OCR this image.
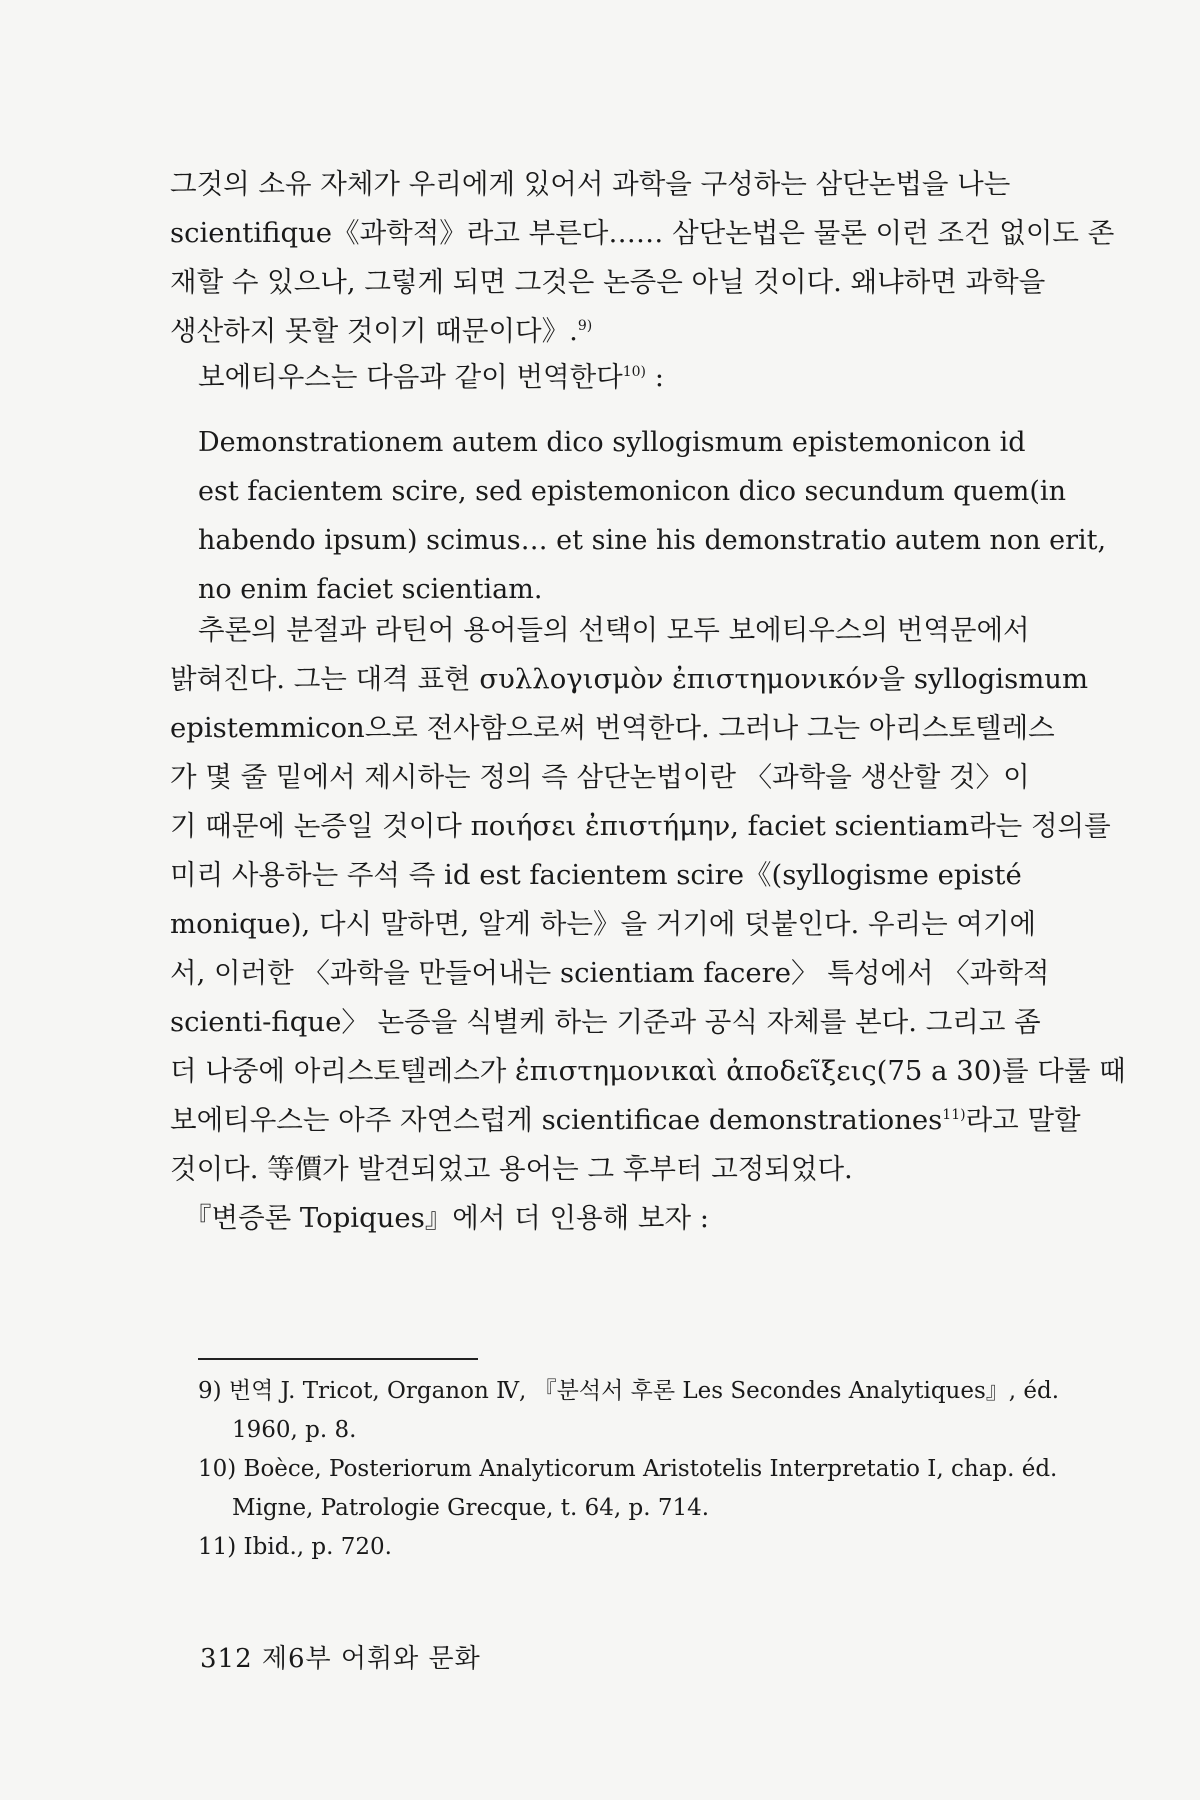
그것의 소유 자체가 우리에게 있어서 과학을 구성하는 삼단논법을 나는
scientifique《과학적》라고 부른다…… 삼단논법은 물론 이런 조건 없이도 존
재할 수 있으나, 그렇게 되면 그것은 논증은 아닐 것이다. 왜냐하면 과학을
생산하지 못할 것이기 때문이다》.$^{9)}$

보에티우스는 다음과 같이 번역한다$^{10)}$ :

Demonstrationem autem dico syllogismum epistemonicon id
est facientem scire, sed epistemonicon dico secundum quem(in
habendo ipsum) scimus… et sine his demonstratio autem non erit,
no enim faciet scientiam.

추론의 분절과 라틴어 용어들의 선택이 모두 보에티우스의 번역문에서
밝혀진다. 그는 대격 표현 συλλογισμὸν ἐπιστημονικόν을 syllogismum
epistemmicon으로 전사함으로써 번역한다. 그러나 그는 아리스토텔레스
가 몇 줄 밑에서 제시하는 정의 즉 삼단논법이란 〈과학을 생산할 것〉이
기 때문에 논증일 것이다 ποιήσει ἐπιστήμην, faciet scientiam라는 정의를
미리 사용하는 주석 즉 id est facientem scire《(syllogisme episté
monique), 다시 말하면, 알게 하는》을 거기에 덧붙인다. 우리는 여기에
서, 이러한 〈과학을 만들어내는 scientiam facere〉 특성에서 〈과학적
scienti-fique〉 논증을 식별케 하는 기준과 공식 자체를 본다. 그리고 좀
더 나중에 아리스토텔레스가 ἐπιστημονικαὶ ἀποδεῖξεις(75 a 30)를 다룰 때
보에티우스는 아주 자연스럽게 scientificae demonstrationes$^{11)}$라고 말할
것이다. 等價가 발견되었고 용어는 그 후부터 고정되었다.
『변증론 Topiques』에서 더 인용해 보자 :

9) 번역 J. Tricot, Organon Ⅳ, 『분석서 후론 Les Secondes Analytiques』, éd.
1960, p. 8.
10) Boèce, Posteriorum Analyticorum Aristotelis Interpretatio Ⅰ, chap. éd.
Migne, Patrologie Grecque, t. 64, p. 714.
11) Ibid., p. 720.
312 제6부 어휘와 문화
